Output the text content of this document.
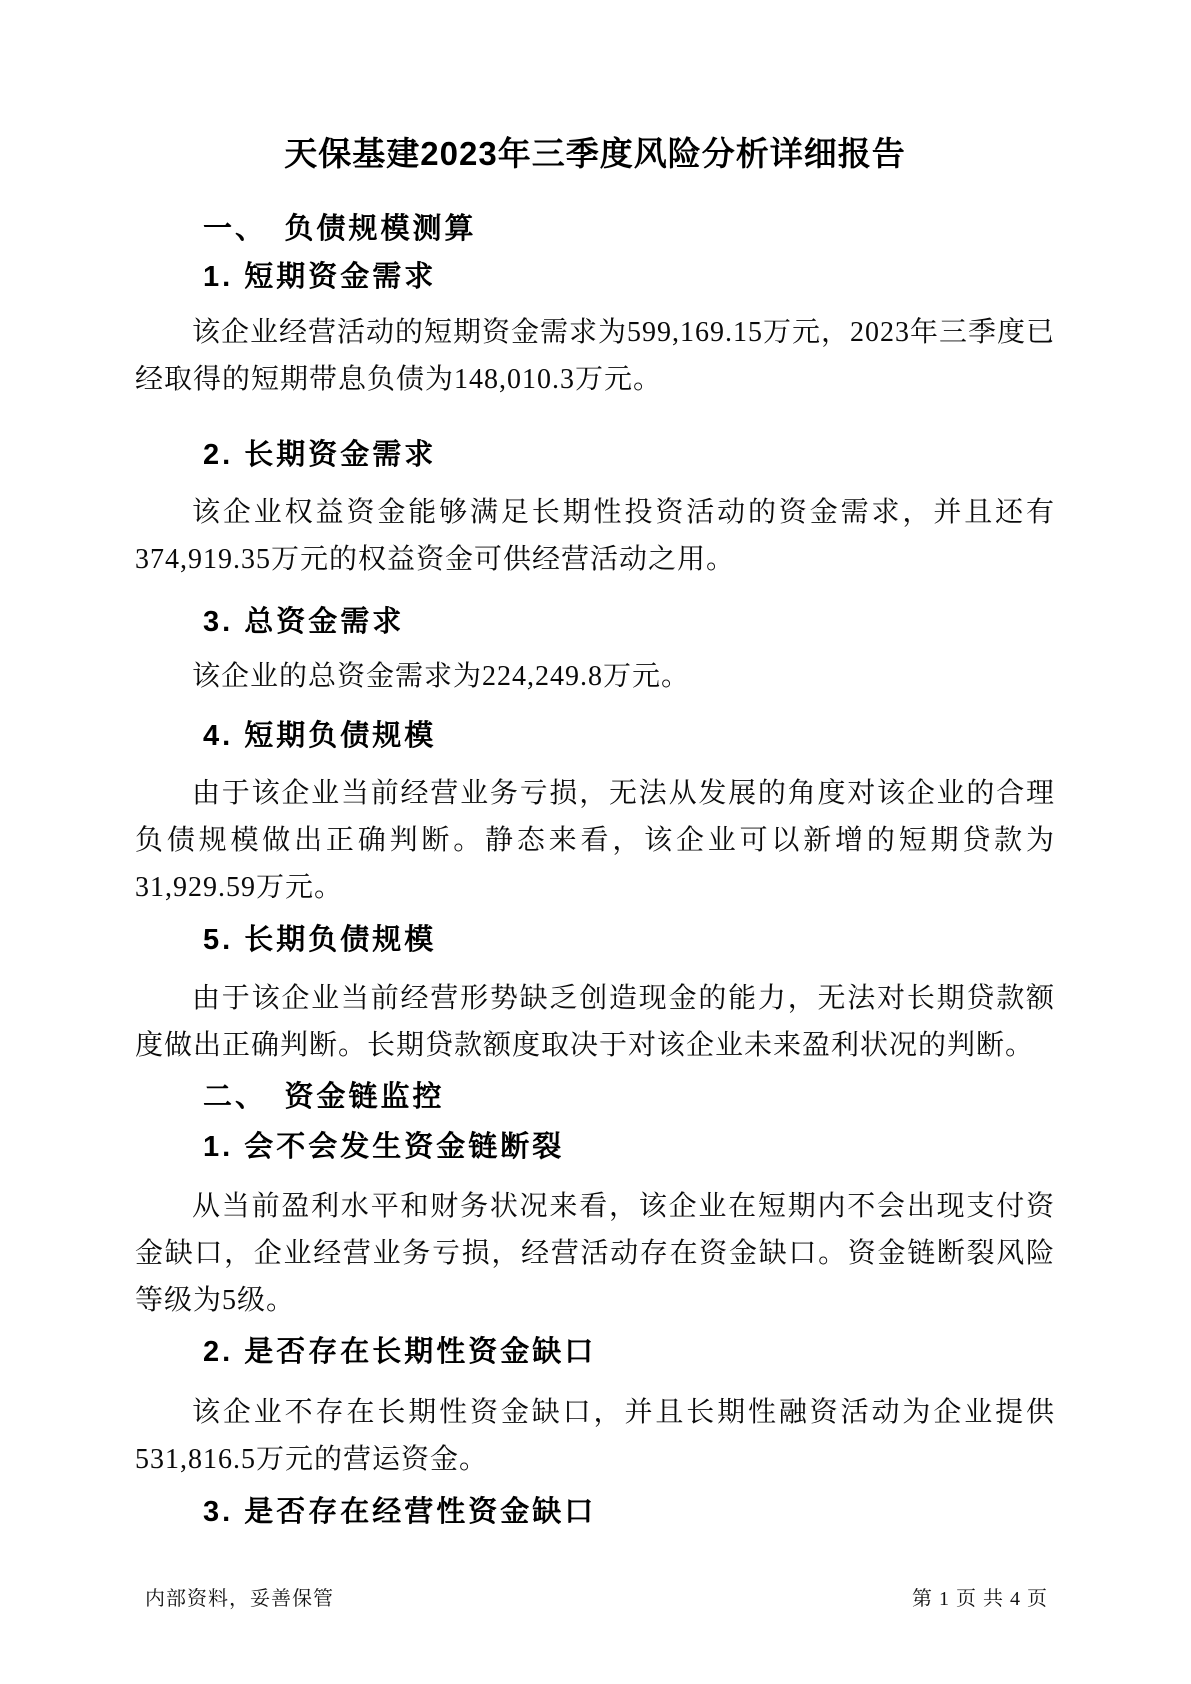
天保基建2023年三季度风险分析详细报告
一、　负债规模测算
1. 短期资金需求
该企业经营活动的短期资金需求为599,169.15万元，2023年三季度已经取得的短期带息负债为148,010.3万元。
2. 长期资金需求
该企业权益资金能够满足长期性投资活动的资金需求，并且还有374,919.35万元的权益资金可供经营活动之用。
3. 总资金需求
该企业的总资金需求为224,249.8万元。
4. 短期负债规模
由于该企业当前经营业务亏损，无法从发展的角度对该企业的合理负债规模做出正确判断。静态来看，该企业可以新增的短期贷款为31,929.59万元。
5. 长期负债规模
由于该企业当前经营形势缺乏创造现金的能力，无法对长期贷款额度做出正确判断。长期贷款额度取决于对该企业未来盈利状况的判断。
二、　资金链监控
1. 会不会发生资金链断裂
从当前盈利水平和财务状况来看，该企业在短期内不会出现支付资金缺口，企业经营业务亏损，经营活动存在资金缺口。资金链断裂风险等级为5级。
2. 是否存在长期性资金缺口
该企业不存在长期性资金缺口，并且长期性融资活动为企业提供531,816.5万元的营运资金。
3. 是否存在经营性资金缺口
内部资料，妥善保管	第 1 页 共 4 页
